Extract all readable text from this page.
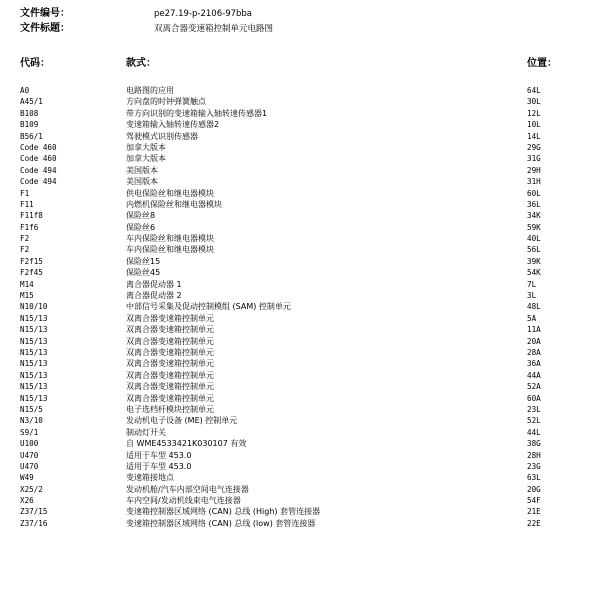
文件编号：	pe27.19-p-2106-97bba
文件标题：	双离合器变速箱控制单元电路图
代码：	款式：	位置：
A0	电路图的应用	64L
A45/1	方向盘的时钟弹簧触点	30L
B108	带方向识别的变速箱输入轴转速传感器1	12L
B109	变速箱输入轴转速传感器2	10L
B56/1	驾驶模式识别传感器	14L
Code 460	加拿大版本	29G
Code 460	加拿大版本	31G
Code 494	美国版本	29H
Code 494	美国版本	31H
F1	供电保险丝和继电器模块	60L
F11	内燃机保险丝和继电器模块	36L
F11f8	保险丝8	34K
F1f6	保险丝6	59K
F2	车内保险丝和继电器模块	40L
F2	车内保险丝和继电器模块	56L
F2f15	保险丝15	39K
F2f45	保险丝45	54K
M14	离合器促动器 1	7L
M15	离合器促动器 2	3L
N10/10	中部信号采集及促动控制模组 (SAM) 控制单元	48L
N15/13	双离合器变速箱控制单元	5A
N15/13	双离合器变速箱控制单元	11A
N15/13	双离合器变速箱控制单元	20A
N15/13	双离合器变速箱控制单元	28A
N15/13	双离合器变速箱控制单元	36A
N15/13	双离合器变速箱控制单元	44A
N15/13	双离合器变速箱控制单元	52A
N15/13	双离合器变速箱控制单元	60A
N15/5	电子选档杆模块控制单元	23L
N3/10	发动机电子设备 (ME) 控制单元	52L
S9/1	制动灯开关	44L
U100	自 WME4533421K030107 有效	38G
U470	适用于车型 453.0	28H
U470	适用于车型 453.0	23G
W49	变速箱接地点	63L
X25/2	发动机舱/汽车内部空间电气连接器	20G
X26	车内空间/发动机线束电气连接器	54F
Z37/15	变速箱控制器区域网络 (CAN) 总线 (High) 套管连接器	21E
Z37/16	变速箱控制器区域网络 (CAN) 总线 (low) 套管连接器	22E
